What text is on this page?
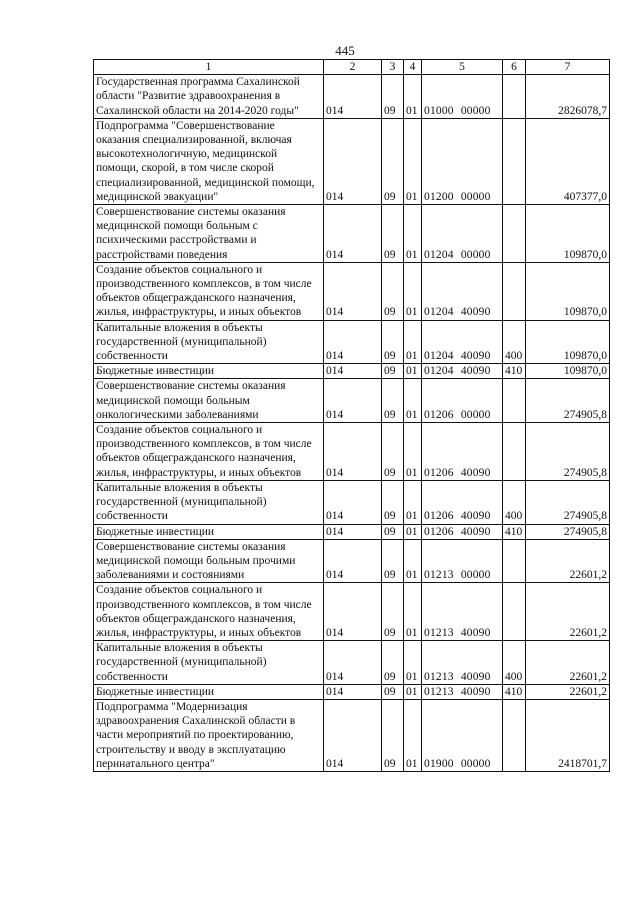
445
1	2	3	4	5	6	7
Государственная программа Сахалинской области "Развитие здравоохранения в Сахалинской области на 2014-2020 годы"	014	09	01	01000 00000		2826078,7
Подпрограмма "Совершенствование оказания специализированной, включая высокотехнологичную, медицинской помощи, скорой, в том числе скорой специализированной, медицинской помощи, медицинской эвакуации"	014	09	01	01200 00000		407377,0
Совершенствование системы оказания медицинской помощи больным с психическими расстройствами и расстройствами поведения	014	09	01	01204 00000		109870,0
Создание объектов социального и производственного комплексов, в том числе объектов общегражданского назначения, жилья, инфраструктуры, и иных объектов	014	09	01	01204 40090		109870,0
Капитальные вложения в объекты государственной (муниципальной) собственности	014	09	01	01204 40090	400	109870,0
Бюджетные инвестиции	014	09	01	01204 40090	410	109870,0
Совершенствование системы оказания медицинской помощи больным онкологическими заболеваниями	014	09	01	01206 00000		274905,8
Создание объектов социального и производственного комплексов, в том числе объектов общегражданского назначения, жилья, инфраструктуры, и иных объектов	014	09	01	01206 40090		274905,8
Капитальные вложения в объекты государственной (муниципальной) собственности	014	09	01	01206 40090	400	274905,8
Бюджетные инвестиции	014	09	01	01206 40090	410	274905,8
Совершенствование системы оказания медицинской помощи больным прочими заболеваниями и состояниями	014	09	01	01213 00000		22601,2
Создание объектов социального и производственного комплексов, в том числе объектов общегражданского назначения, жилья, инфраструктуры, и иных объектов	014	09	01	01213 40090		22601,2
Капитальные вложения в объекты государственной (муниципальной) собственности	014	09	01	01213 40090	400	22601,2
Бюджетные инвестиции	014	09	01	01213 40090	410	22601,2
Подпрограмма "Модернизация здравоохранения Сахалинской области в части мероприятий по проектированию, строительству и вводу в эксплуатацию перинатального центра"	014	09	01	01900 00000		2418701,7
